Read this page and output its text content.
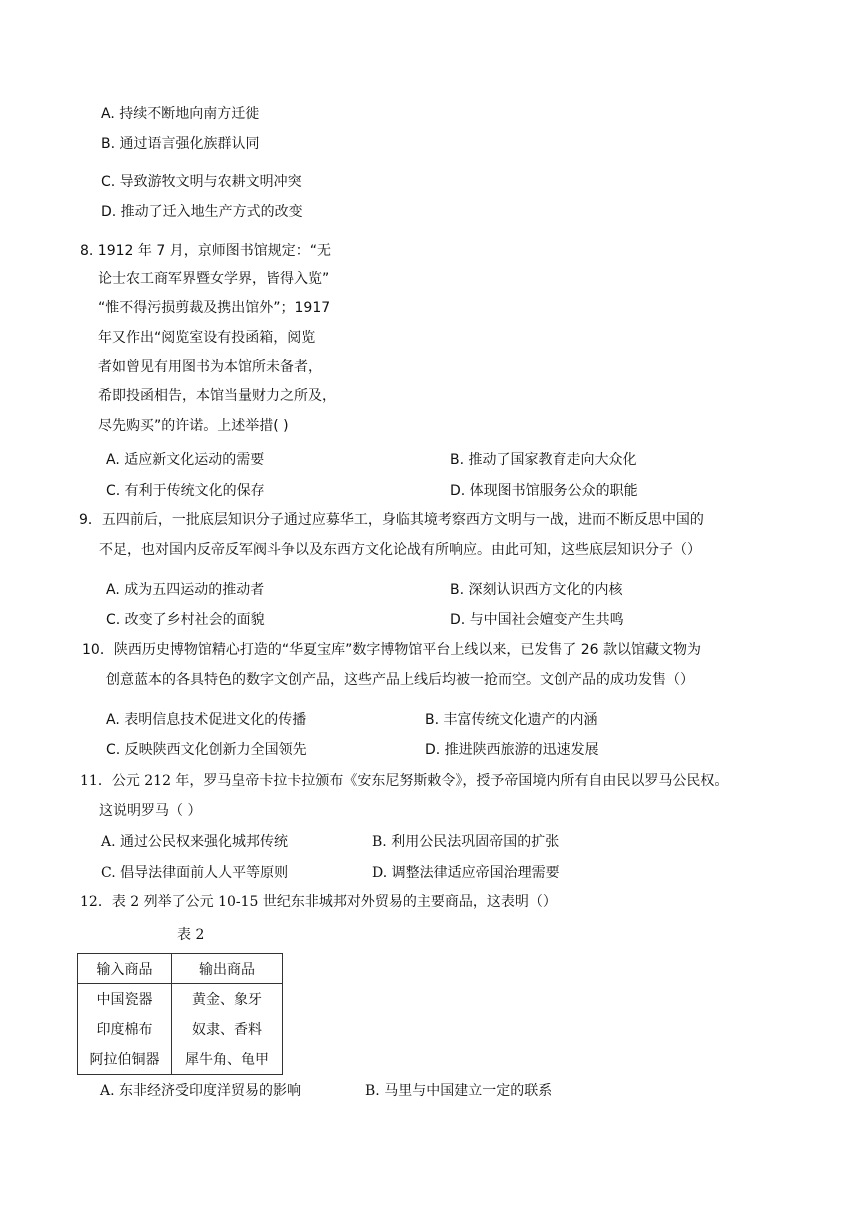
A. 持续不断地向南方迁徙
B. 通过语言强化族群认同
C. 导致游牧文明与农耕文明冲突
D. 推动了迁入地生产方式的改变
8. 1912 年 7 月，京师图书馆规定：“无
论士农工商军界暨女学界，皆得入览”
“惟不得污损剪裁及携出馆外”；1917
年又作出“阅览室设有投函箱，阅览
者如曾见有用图书为本馆所未备者，
希即投函相告，本馆当量财力之所及，
尽先购买”的许诺。上述举措( )
A. 适应新文化运动的需要	B. 推动了国家教育走向大众化
C. 有利于传统文化的保存	D. 体现图书馆服务公众的职能
9．五四前后，一批底层知识分子通过应募华工，身临其境考察西方文明与一战，进而不断反思中国的
不足，也对国内反帝反军阀斗争以及东西方文化论战有所响应。由此可知，这些底层知识分子（）
A. 成为五四运动的推动者	B. 深刻认识西方文化的内核
C. 改变了乡村社会的面貌	D. 与中国社会嬗变产生共鸣
10．陕西历史博物馆精心打造的“华夏宝库”数字博物馆平台上线以来，已发售了 26 款以馆藏文物为
创意蓝本的各具特色的数字文创产品，这些产品上线后均被一抢而空。文创产品的成功发售（）
A. 表明信息技术促进文化的传播	B. 丰富传统文化遗产的内涵
C. 反映陕西文化创新力全国领先	D. 推进陕西旅游的迅速发展
11．公元 212 年，罗马皇帝卡拉卡拉颁布《安东尼努斯敕令》，授予帝国境内所有自由民以罗马公民权。
这说明罗马（ ）
A. 通过公民权来强化城邦传统	B. 利用公民法巩固帝国的扩张
C. 倡导法律面前人人平等原则	D. 调整法律适应帝国治理需要
12．表 2 列举了公元 10-15 世纪东非城邦对外贸易的主要商品，这表明（）
表 2
输入商品	输出商品
中国瓷器	黄金、象牙
印度棉布	奴隶、香料
阿拉伯铜器	犀牛角、龟甲
A. 东非经济受印度洋贸易的影响	B. 马里与中国建立一定的联系
